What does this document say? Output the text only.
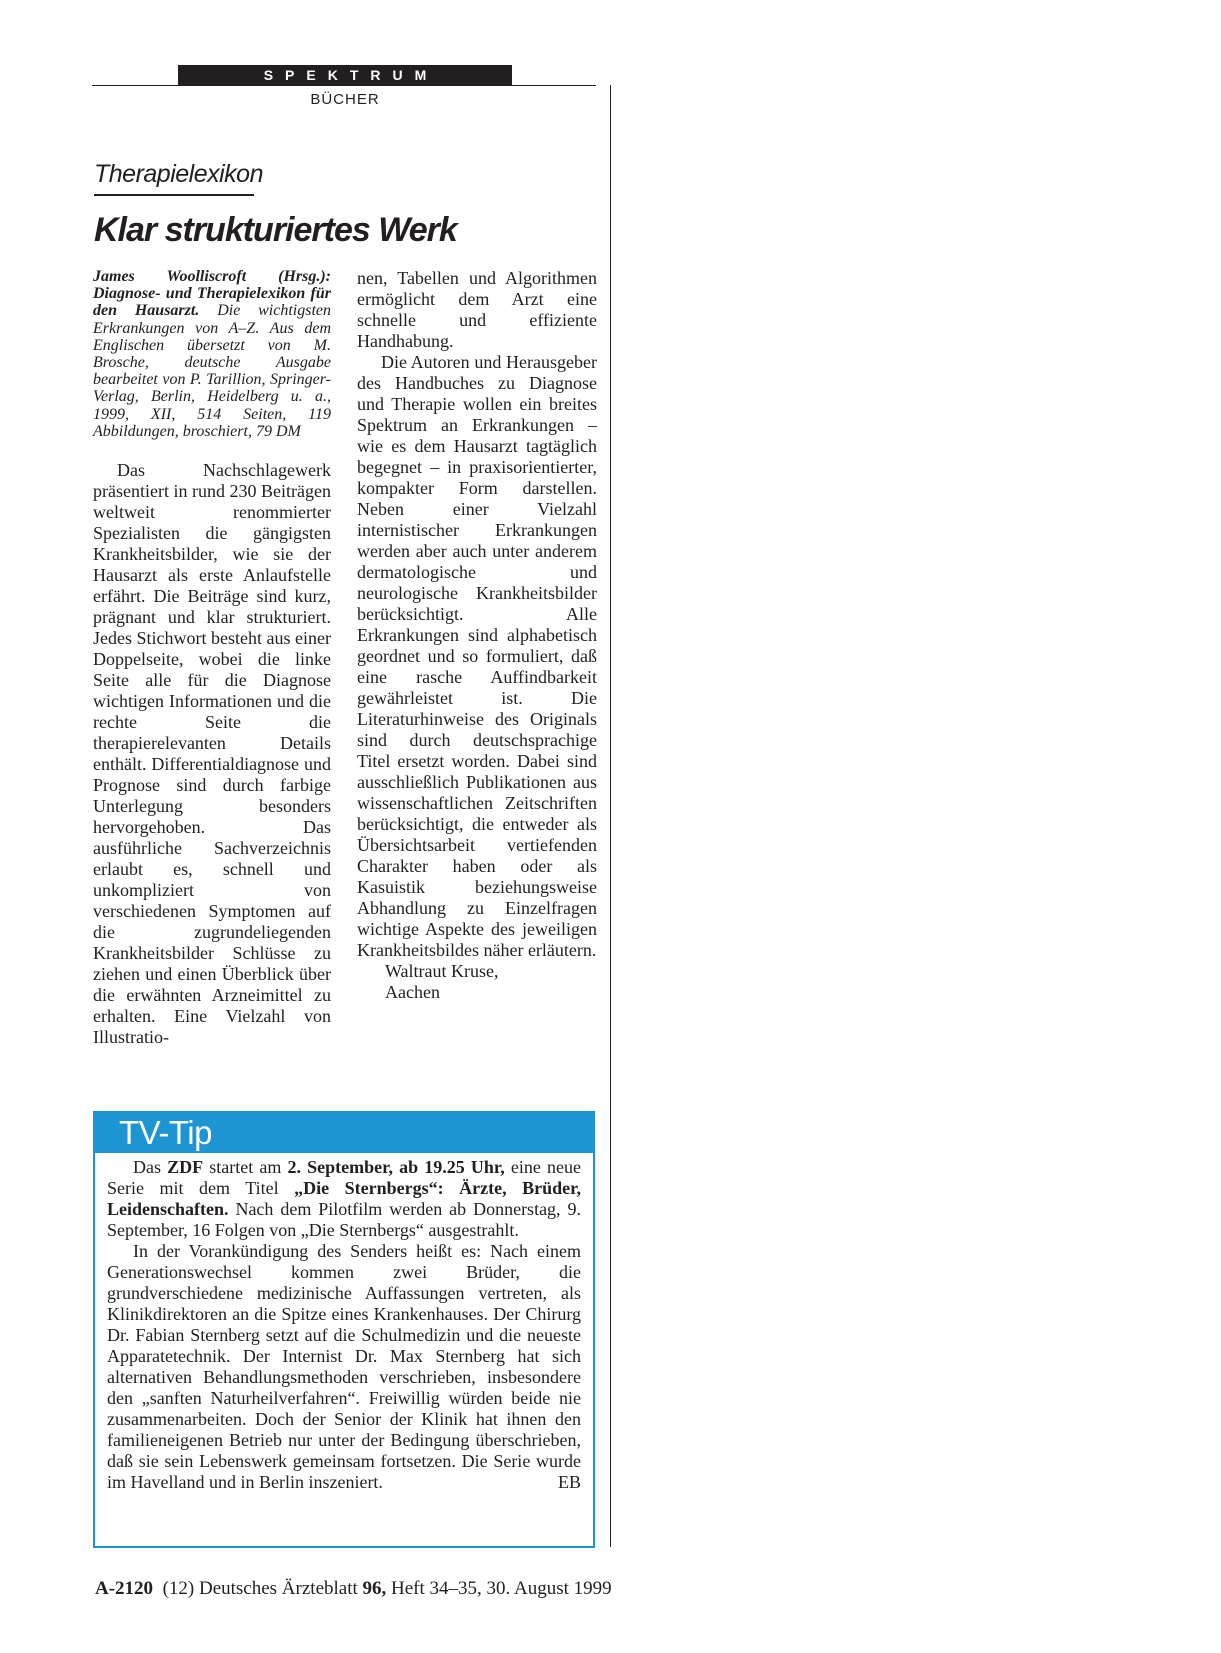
SPEKTRUM
BÜCHER
Therapielexikon
Klar strukturiertes Werk
James Woolliscroft (Hrsg.): Diagnose- und Therapielexikon für den Hausarzt. Die wichtigsten Erkrankungen von A–Z. Aus dem Englischen übersetzt von M. Brosche, deutsche Ausgabe bearbeitet von P. Tarillion, Springer-Verlag, Berlin, Heidelberg u. a., 1999, XII, 514 Seiten, 119 Abbildungen, broschiert, 79 DM

Das Nachschlagewerk präsentiert in rund 230 Beiträgen weltweit renommierter Spezialisten die gängigsten Krankheitsbilder, wie sie der Hausarzt als erste Anlaufstelle erfährt. Die Beiträge sind kurz, prägnant und klar strukturiert. Jedes Stichwort besteht aus einer Doppelseite, wobei die linke Seite alle für die Diagnose wichtigen Informationen und die rechte Seite die therapierelevanten Details enthält. Differentialdiagnose und Prognose sind durch farbige Unterlegung besonders hervorgehoben. Das ausführliche Sachverzeichnis erlaubt es, schnell und unkompliziert von verschiedenen Symptomen auf die zugrundeliegenden Krankheitsbilder Schlüsse zu ziehen und einen Überblick über die erwähnten Arzneimittel zu erhalten. Eine Vielzahl von Illustratio-

nen, Tabellen und Algorithmen ermöglicht dem Arzt eine schnelle und effiziente Handhabung.

Die Autoren und Herausgeber des Handbuches zu Diagnose und Therapie wollen ein breites Spektrum an Erkrankungen – wie es dem Hausarzt tagtäglich begegnet – in praxisorientierter, kompakter Form darstellen. Neben einer Vielzahl internistischer Erkrankungen werden aber auch unter anderem dermatologische und neurologische Krankheitsbilder berücksichtigt. Alle Erkrankungen sind alphabetisch geordnet und so formuliert, daß eine rasche Auffindbarkeit gewährleistet ist. Die Literaturhinweise des Originals sind durch deutschsprachige Titel ersetzt worden. Dabei sind ausschließlich Publikationen aus wissenschaftlichen Zeitschriften berücksichtigt, die entweder als Übersichtsarbeit vertiefenden Charakter haben oder als Kasuistik beziehungsweise Abhandlung zu Einzelfragen wichtige Aspekte des jeweiligen Krankheitsbildes näher erläutern.

Waltraut Kruse,

Aachen

TV-Tip

Das ZDF startet am 2. September, ab 19.25 Uhr, eine neue Serie mit dem Titel „Die Sternbergs“: Ärzte, Brüder, Leidenschaften. Nach dem Pilotfilm werden ab Donnerstag, 9. September, 16 Folgen von „Die Sternbergs“ ausgestrahlt.

In der Vorankündigung des Senders heißt es: Nach einem Generationswechsel kommen zwei Brüder, die grundverschiedene medizinische Auffassungen vertreten, als Klinikdirektoren an die Spitze eines Krankenhauses. Der Chirurg Dr. Fabian Sternberg setzt auf die Schulmedizin und die neueste Apparatetechnik. Der Internist Dr. Max Sternberg hat sich alternativen Behandlungsmethoden verschrieben, insbesondere den „sanften Naturheilverfahren“. Freiwillig würden beide nie zusammenarbeiten. Doch der Senior der Klinik hat ihnen den familieneigenen Betrieb nur unter der Bedingung überschrieben, daß sie sein Lebenswerk gemeinsam fortsetzen. Die Serie wurde im Havelland und in Berlin inszeniert.	EB

A-2120 (12) Deutsches Ärzteblatt 96, Heft 34–35, 30. August 1999
